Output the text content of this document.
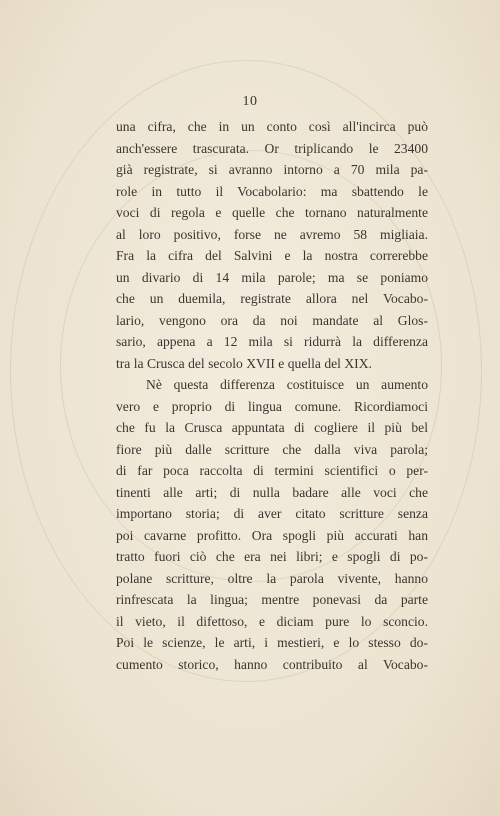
10
una cifra, che in un conto così all'incirca può
anch'essere trascurata. Or triplicando le 23400
già registrate, si avranno intorno a 70 mila pa-
role in tutto il Vocabolario: ma sbattendo le
voci di regola e quelle che tornano naturalmente
al loro positivo, forse ne avremo 58 migliaia.
Fra la cifra del Salvini e la nostra correrebbe
un divario di 14 mila parole; ma se poniamo
che un duemila, registrate allora nel Vocabo-
lario, vengono ora da noi mandate al Glos-
sario, appena a 12 mila si ridurrà la differenza
tra la Crusca del secolo XVII e quella del XIX.
Nè questa differenza costituisce un aumento
vero e proprio di lingua comune. Ricordiamoci
che fu la Crusca appuntata di cogliere il più bel
fiore più dalle scritture che dalla viva parola;
di far poca raccolta di termini scientifici o per-
tinenti alle arti; di nulla badare alle voci che
importano storia; di aver citato scritture senza
poi cavarne profitto. Ora spogli più accurati han
tratto fuori ciò che era nei libri; e spogli di po-
polane scritture, oltre la parola vivente, hanno
rinfrescata la lingua; mentre ponevasi da parte
il vieto, il difettoso, e diciam pure lo sconcio.
Poi le scienze, le arti, i mestieri, e lo stesso do-
cumento storico, hanno contribuito al Vocabo-
